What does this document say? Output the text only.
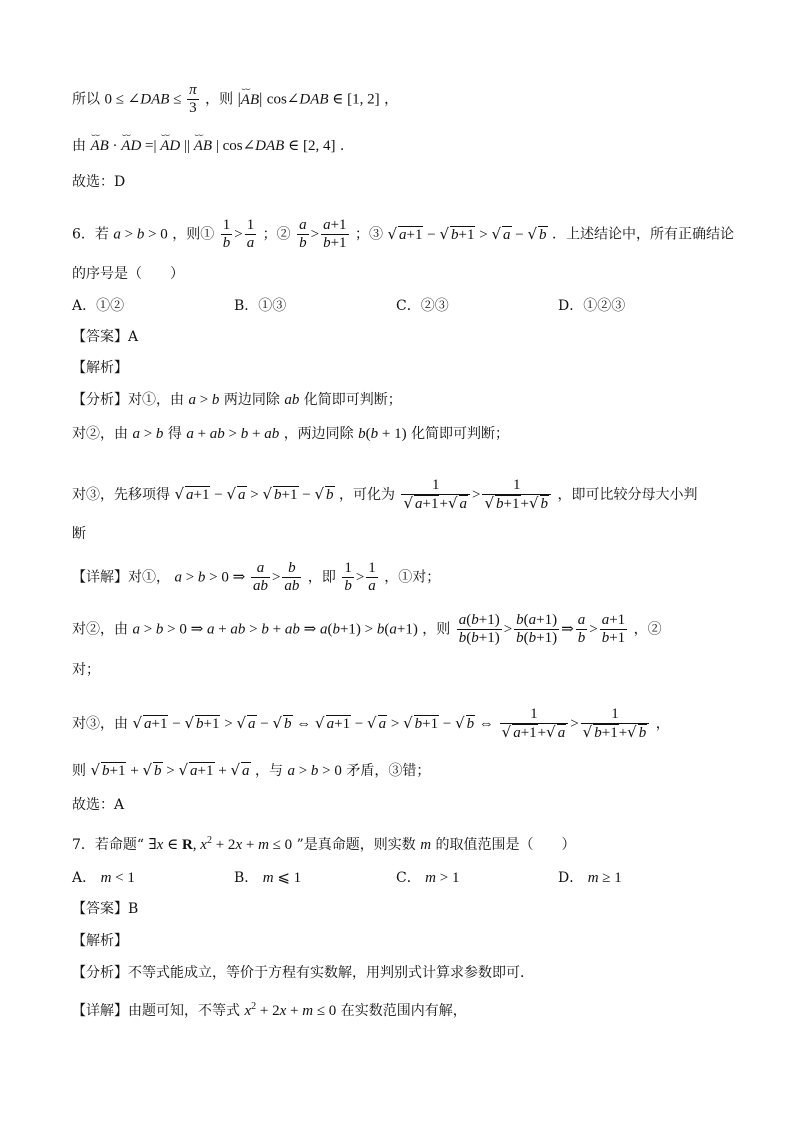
所以 0 ≤ ∠DAB ≤ $\frac{\pi}{3}$ ，则 |⌣⌣ AB| cos∠DAB ∈ [1, 2] ，
由 ⌣⌣ AB · ⌣⌣ AD =| ⌣⌣ AD || ⌣⌣ AB | cos∠DAB ∈ [2, 4] .
故选：D
6．若 a > b > 0 ，则① $\frac{1}{b} > \frac{1}{a}$ ；② $\frac{a}{b} > \frac{a+1}{b+1}$ ；③ √ a+1 − √ b+1 > √ a − √ b ．上述结论中，所有正确结论
的序号是（　　）
A．①②	B．①③	C．②③	D．①②③
【答案】A
【解析】
【分析】对①，由 a > b 两边同除 ab 化简即可判断；
对②，由 a > b 得 a + ab > b + ab ，两边同除 b(b + 1) 化简即可判断；
对③，先移项得 √ a+1 − √ a > √ b+1 − √ b ，可化为 $\frac{1}{√ a+1+√ a} > \frac{1}{√ b+1+√ b}$ ，即可比较分母大小判
断
【详解】对①， a > b > 0 ⇒ $\frac{a}{ab} > \frac{b}{ab}$ ，即 $\frac{1}{b} > \frac{1}{a}$ ，①对；
对②，由 a > b > 0 ⇒ a + ab > b + ab ⇒ a(b+1) > b(a+1) ，则 $\frac{a(b+1)}{b(b+1)} > \frac{b(a+1)}{b(b+1)}$ ⇒ $\frac{a}{b} > \frac{a+1}{b+1}$ ，②
对；
对③，由 √ a+1 − √ b+1 > √ a − √ b ⇔ √ a+1 − √ a > √ b+1 − √ b ⇔ $\frac{1}{√ a+1+√ a} > \frac{1}{√ b+1+√ b}$ ，
则 √ b+1 + √ b > √ a+1 + √ a ，与 a > b > 0 矛盾，③错；
故选：A
7．若命题“ ∃x ∈ R, $x^2 + 2x + m \le 0$ ”是真命题，则实数 m 的取值范围是（　　）
A． m < 1	B． m ⩽ 1	C． m > 1	D． m ≥ 1
【答案】B
【解析】
【分析】不等式能成立，等价于方程有实数解，用判别式计算求参数即可．
【详解】由题可知，不等式 $x^2 + 2x + m \le 0$ 在实数范围内有解，
